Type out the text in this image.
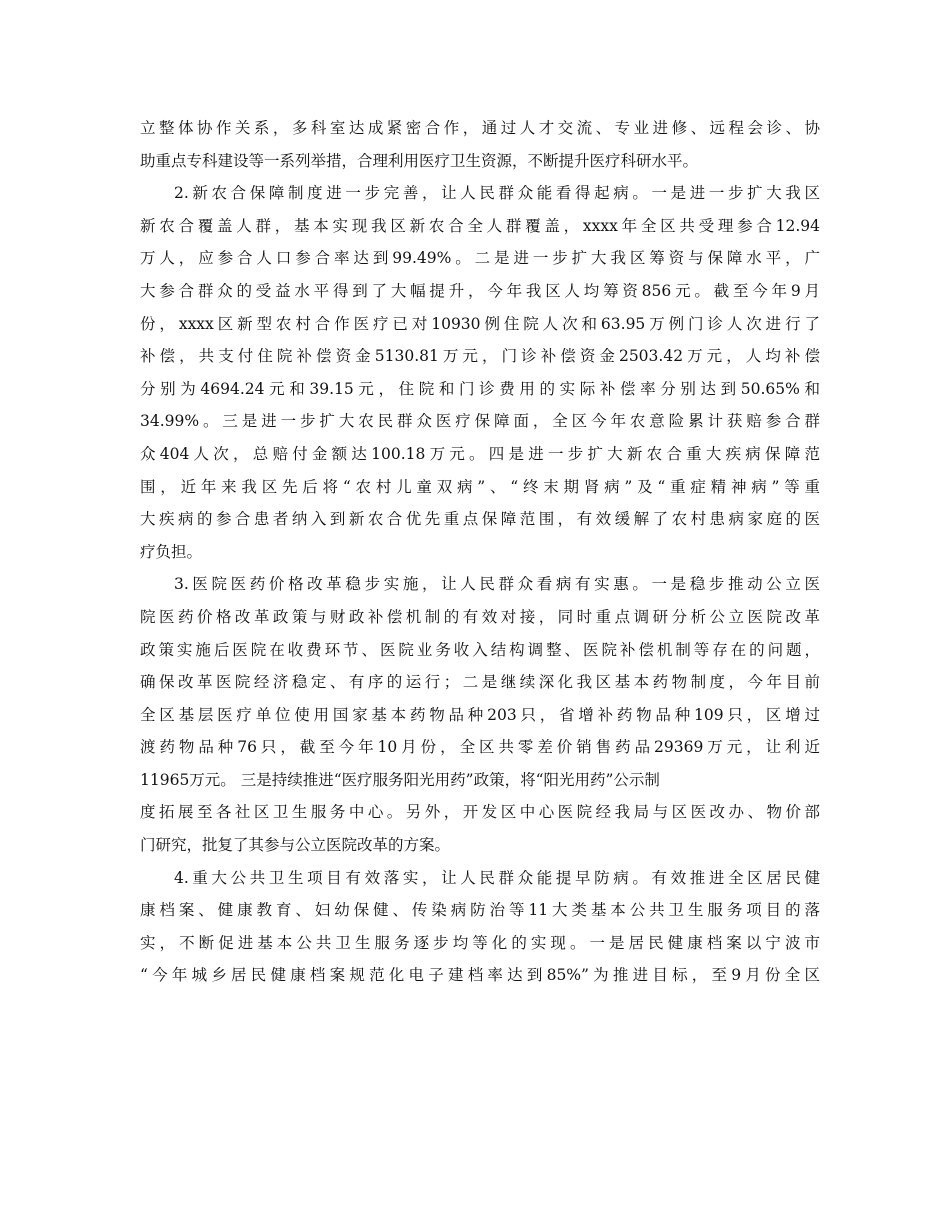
立整体协作关系，多科室达成紧密合作，通过人才交流、专业进修、远程会诊、协
助重点专科建设等一系列举措，合理利用医疗卫生资源，不断提升医疗科研水平。
2.新农合保障制度进一步完善，让人民群众能看得起病。一是进一步扩大我区
新农合覆盖人群，基本实现我区新农合全人群覆盖，xxxx年全区共受理参合12.94
万人，应参合人口参合率达到99.49%。二是进一步扩大我区筹资与保障水平，广
大参合群众的受益水平得到了大幅提升，今年我区人均筹资856元。截至今年9月
份，xxxx区新型农村合作医疗已对10930例住院人次和63.95万例门诊人次进行了
补偿，共支付住院补偿资金5130.81万元，门诊补偿资金2503.42万元，人均补偿
分别为4694.24元和39.15元，住院和门诊费用的实际补偿率分别达到50.65%和
34.99%。三是进一步扩大农民群众医疗保障面，全区今年农意险累计获赔参合群
众404人次，总赔付金额达100.18万元。四是进一步扩大新农合重大疾病保障范
围，近年来我区先后将“农村儿童双病”、“终末期肾病”及“重症精神病”等重
大疾病的参合患者纳入到新农合优先重点保障范围，有效缓解了农村患病家庭的医
疗负担。
3.医院医药价格改革稳步实施，让人民群众看病有实惠。一是稳步推动公立医
院医药价格改革政策与财政补偿机制的有效对接，同时重点调研分析公立医院改革
政策实施后医院在收费环节、医院业务收入结构调整、医院补偿机制等存在的问题，
确保改革医院经济稳定、有序的运行；二是继续深化我区基本药物制度，今年目前
全区基层医疗单位使用国家基本药物品种203只，省增补药物品种109只，区增过
渡药物品种76只，截至今年10月份，全区共零差价销售药品29369万元，让利近
11965万元。 三是持续推进“医疗服务阳光用药”政策，将“阳光用药”公示制
度拓展至各社区卫生服务中心。另外，开发区中心医院经我局与区医改办、物价部
门研究，批复了其参与公立医院改革的方案。
4.重大公共卫生项目有效落实，让人民群众能提早防病。有效推进全区居民健
康档案、健康教育、妇幼保健、传染病防治等11大类基本公共卫生服务项目的落
实，不断促进基本公共卫生服务逐步均等化的实现。一是居民健康档案以宁波市
“今年城乡居民健康档案规范化电子建档率达到85%”为推进目标，至9月份全区
